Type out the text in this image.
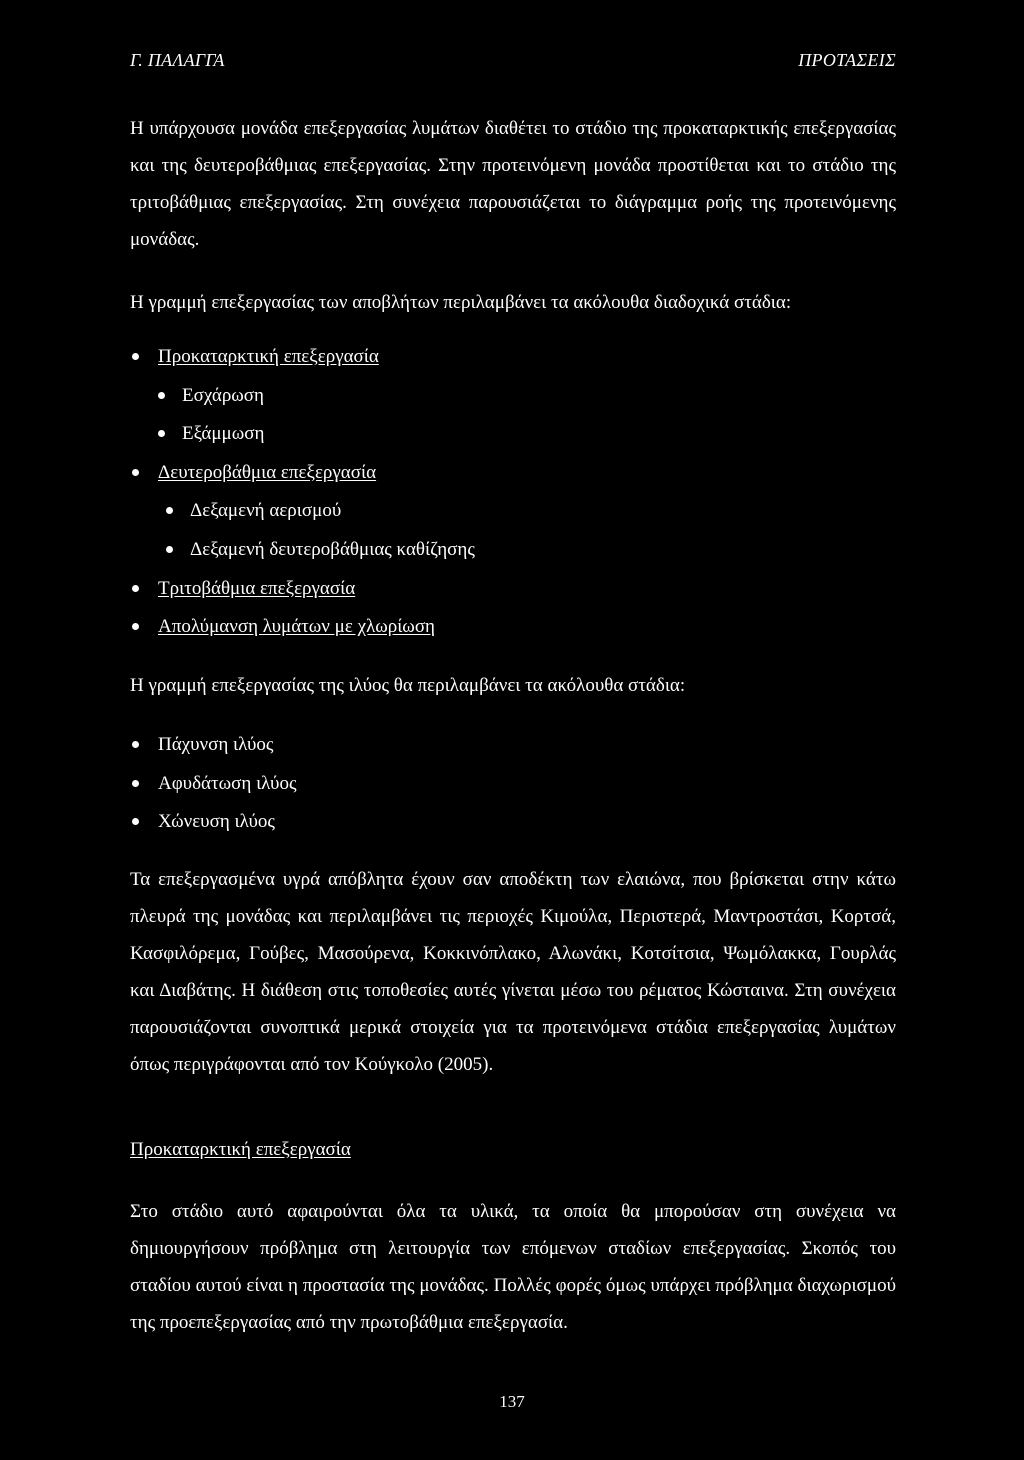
Γ. ΠΑΛΑΓΓΑ	ΠΡΟΤΑΣΕΙΣ

Η υπάρχουσα μονάδα επεξεργασίας λυμάτων διαθέτει το στάδιο της προκαταρκτικής επεξεργασίας και της δευτεροβάθμιας επεξεργασίας. Στην προτεινόμενη μονάδα προστίθεται και το στάδιο της τριτοβάθμιας επεξεργασίας. Στη συνέχεια παρουσιάζεται το διάγραμμα ροής της προτεινόμενης μονάδας.

Η γραμμή επεξεργασίας των αποβλήτων περιλαμβάνει τα ακόλουθα διαδοχικά στάδια:

Προκαταρκτική επεξεργασία
Εσχάρωση
Εξάμμωση
Δευτεροβάθμια επεξεργασία
Δεξαμενή αερισμού
Δεξαμενή δευτεροβάθμιας καθίζησης
Τριτοβάθμια επεξεργασία
Απολύμανση λυμάτων με χλωρίωση

Η γραμμή επεξεργασίας της ιλύος θα περιλαμβάνει τα ακόλουθα στάδια:

Πάχυνση ιλύος
Αφυδάτωση ιλύος
Χώνευση ιλύος

Τα επεξεργασμένα υγρά απόβλητα έχουν σαν αποδέκτη των ελαιώνα, που βρίσκεται στην κάτω πλευρά της μονάδας και περιλαμβάνει τις περιοχές Κιμούλα, Περιστερά, Μαντροστάσι, Κορτσά, Κασφιλόρεμα, Γούβες, Μασούρενα, Κοκκινόπλακο, Αλωνάκι, Κοτσίτσια, Ψωμόλακκα, Γουρλάς και Διαβάτης. Η διάθεση στις τοποθεσίες αυτές γίνεται μέσω του ρέματος Κώσταινα. Στη συνέχεια παρουσιάζονται συνοπτικά μερικά στοιχεία για τα προτεινόμενα στάδια επεξεργασίας λυμάτων όπως περιγράφονται από τον Κούγκολο (2005).

Προκαταρκτική επεξεργασία

Στο στάδιο αυτό αφαιρούνται όλα τα υλικά, τα οποία θα μπορούσαν στη συνέχεια να δημιουργήσουν πρόβλημα στη λειτουργία των επόμενων σταδίων επεξεργασίας. Σκοπός του σταδίου αυτού είναι η προστασία της μονάδας. Πολλές φορές όμως υπάρχει πρόβλημα διαχωρισμού της προεπεξεργασίας από την πρωτοβάθμια επεξεργασία.

137
